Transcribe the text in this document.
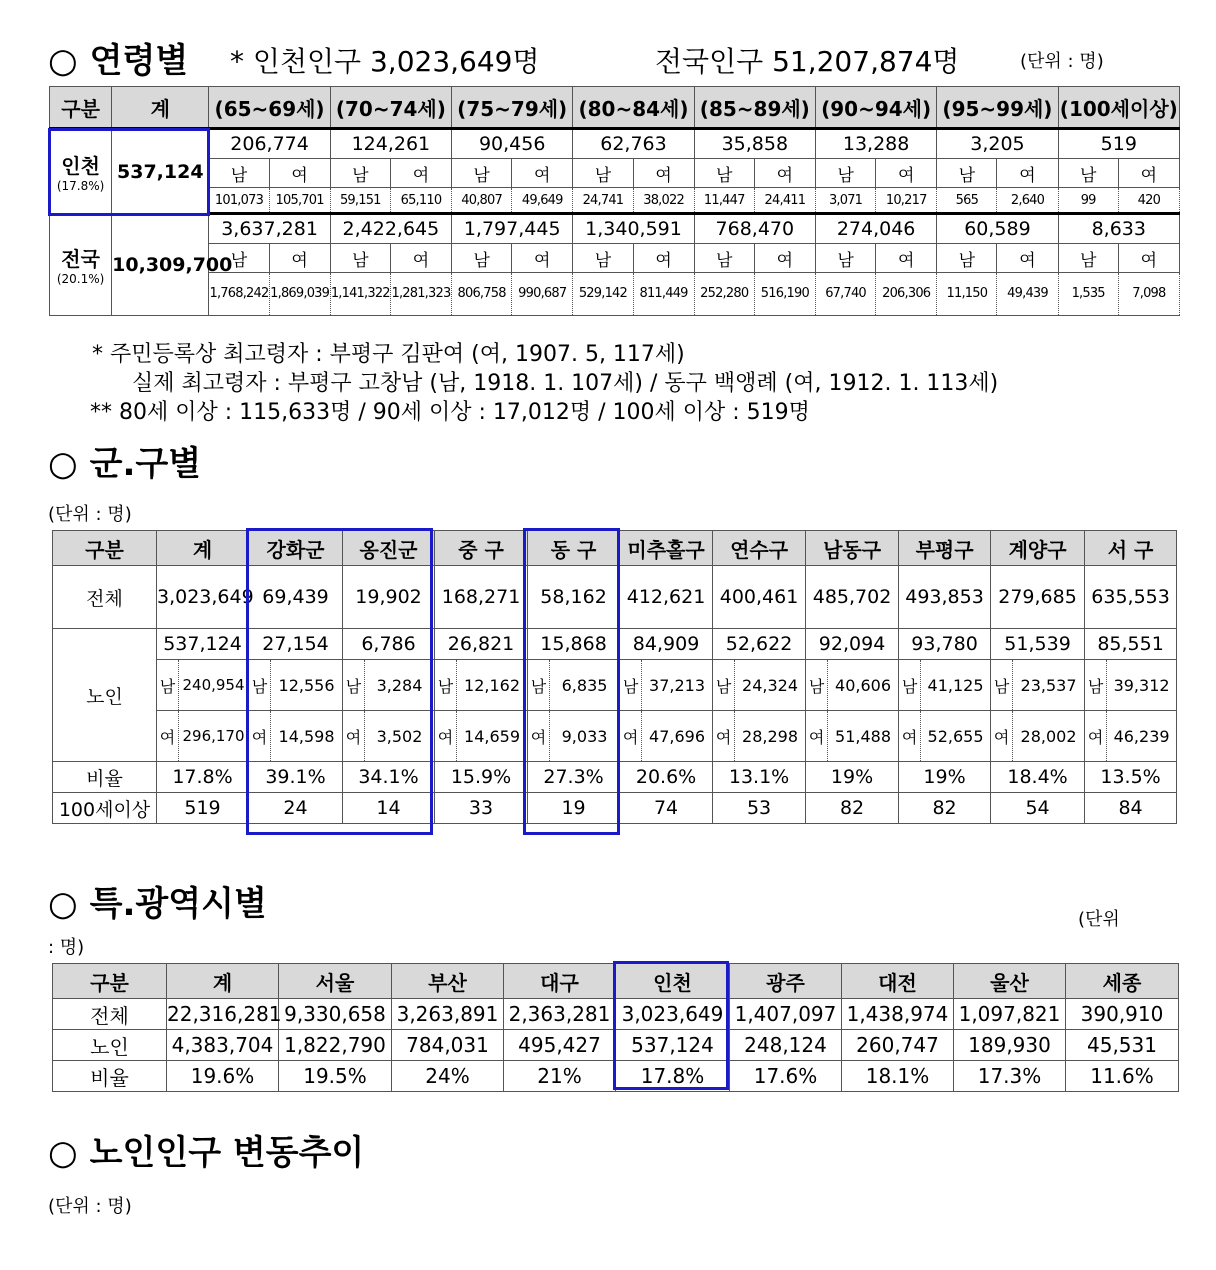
○ 연령별 * 인천인구 3,023,649명	전국인구 51,207,874명	(단위 : 명)
구분	계	(65~69세)		(70~74세)		(75~79세)		(80~84세)		(85~89세)		(90~94세)		(95~99세)		(100세이상)	
인천
(17.8%)	537,124	206,774		124,261		90,456		62,763		35,858		13,288		3,205		519	
		남	여	남	여	남	여	남	여	남	여	남	여	남	여	남	여
		101,073	105,701	59,151	65,110	40,807	49,649	24,741	38,022	11,447	24,411	3,071	10,217	565	2,640	99	420
전국
(20.1%)	10,309,700	3,637,281		2,422,645		1,797,445		1,340,591		768,470		274,046		60,589		8,633	
		남	여	남	여	남	여	남	여	남	여	남	여	남	여	남	여
		1,768,242	1,869,039	1,141,322	1,281,323	806,758	990,687	529,142	811,449	252,280	516,190	67,740	206,306	11,150	49,439	1,535	7,098
* 주민등록상 최고령자 : 부평구 김판여 (여, 1907. 5, 117세)
실제 최고령자 : 부평구 고창남 (남, 1918. 1. 107세) / 동구 백앵례 (여, 1912. 1. 113세)
** 80세 이상 : 115,633명 / 90세 이상 : 17,012명 / 100세 이상 : 519명
○ 군.구별
(단위 : 명)
구분	계		강화군		옹진군		중 구		동 구		미추홀구		연수구		남동구		부평구		계양구		서 구	
전체	3,023,649		69,439		19,902		168,271		58,162		412,621		400,461		485,702		493,853		279,685		635,553	
노인	537,124		27,154		6,786		26,821		15,868		84,909		52,622		92,094		93,780		51,539		85,551	
	남	240,954	남	12,556	남	3,284	남	12,162	남	6,835	남	37,213	남	24,324	남	40,606	남	41,125	남	23,537	남	39,312
	여	296,170	여	14,598	여	3,502	여	14,659	여	9,033	여	47,696	여	28,298	여	51,488	여	52,655	여	28,002	여	46,239
비율	17.8%		39.1%		34.1%		15.9%		27.3%		20.6%		13.1%		19%		19%		18.4%		13.5%	
100세이상	519		24		14		33		19		74		53		82		82		54		84	
○ 특.광역시별	(단위
: 명)
구분	계	서울	부산	대구	인천	광주	대전	울산	세종
전체	22,316,281	9,330,658	3,263,891	2,363,281	3,023,649	1,407,097	1,438,974	1,097,821	390,910
노인	4,383,704	1,822,790	784,031	495,427	537,124	248,124	260,747	189,930	45,531
비율	19.6%	19.5%	24%	21%	17.8%	17.6%	18.1%	17.3%	11.6%
○ 노인인구 변동추이
(단위 : 명)
